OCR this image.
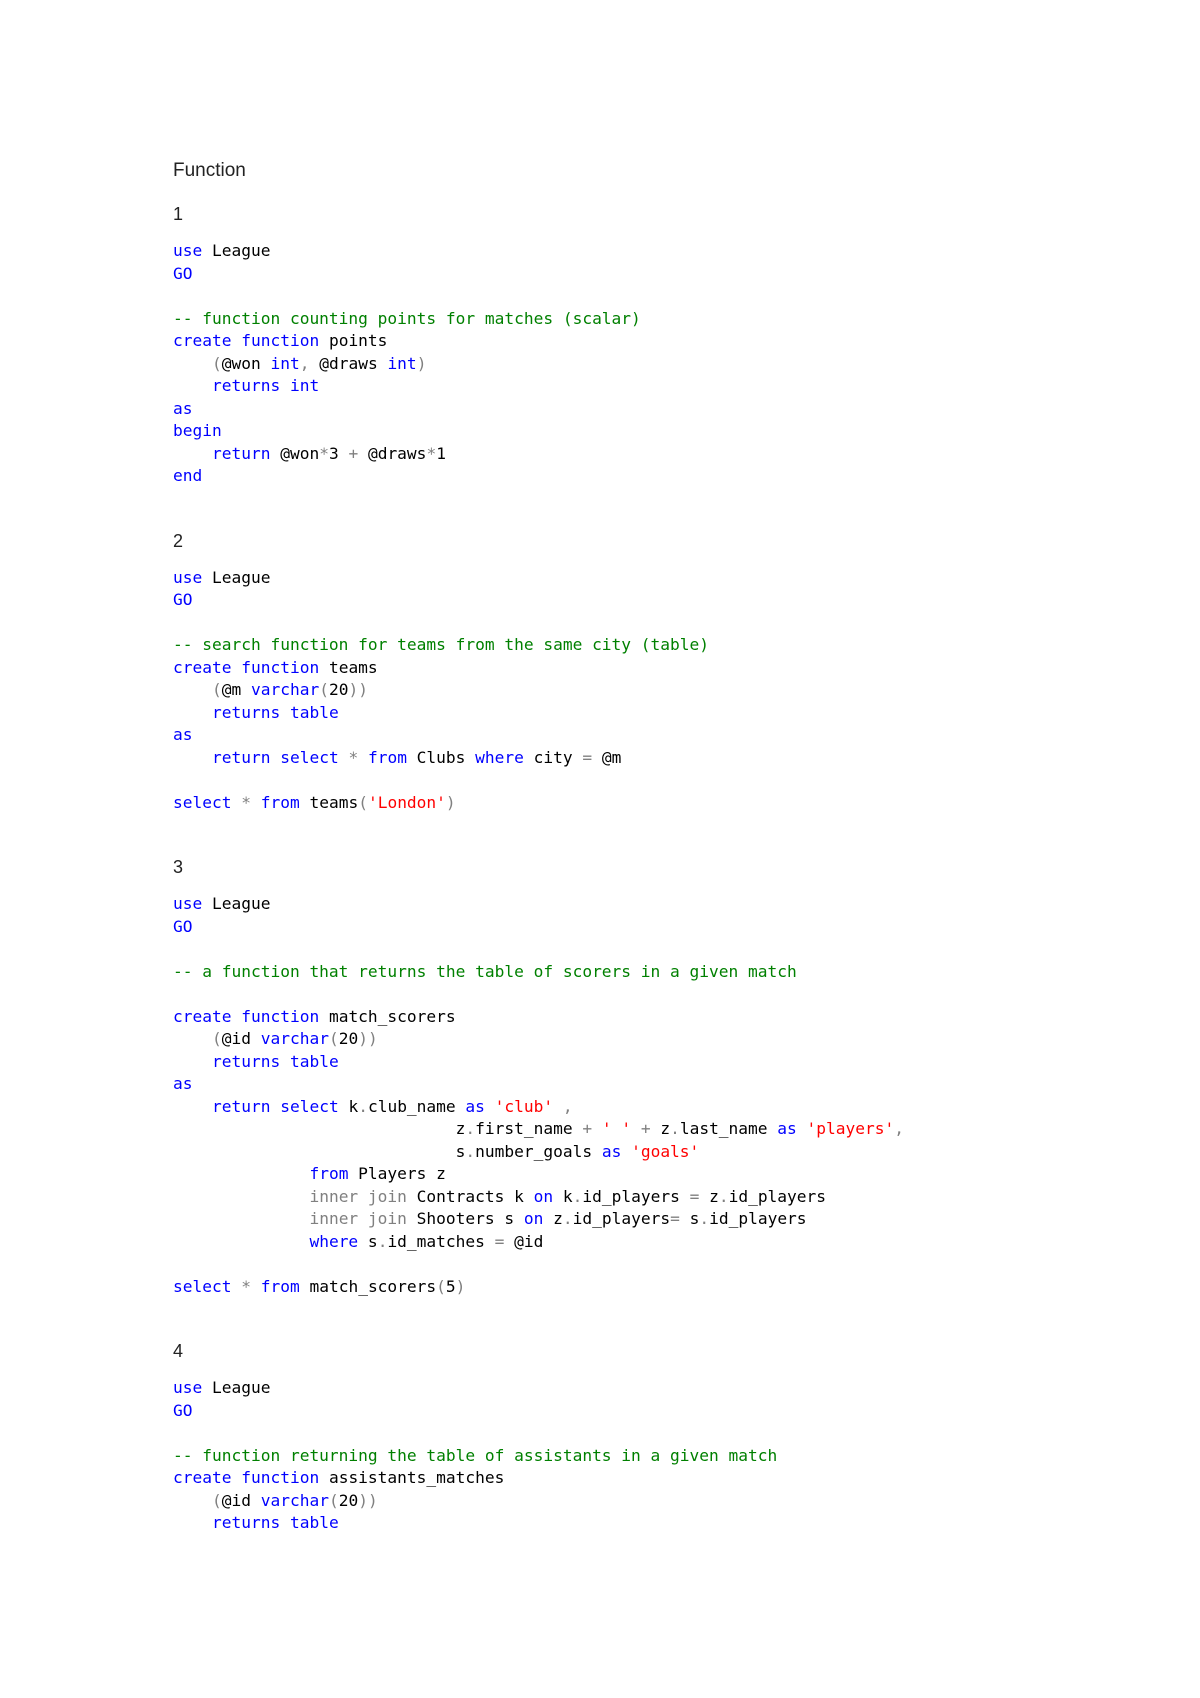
Function
1
use League
GO

-- function counting points for matches (scalar)
create function points
(@won int, @draws int)
returns int
as
begin
return @won*3 + @draws*1
end
2
use League
GO

-- search function for teams from the same city (table)
create function teams
(@m varchar(20))
returns table
as
return select * from Clubs where city = @m

select * from teams('London')
3
use League
GO

-- a function that returns the table of scorers in a given match

create function match_scorers
(@id varchar(20))
returns table
as
return select k.club_name as 'club' ,
z.first_name + ' ' + z.last_name as 'players',
s.number_goals as 'goals'
from Players z
inner join Contracts k on k.id_players = z.id_players
inner join Shooters s on z.id_players= s.id_players
where s.id_matches = @id

select * from match_scorers(5)
4
use League
GO

-- function returning the table of assistants in a given match
create function assistants_matches
(@id varchar(20))
returns table
